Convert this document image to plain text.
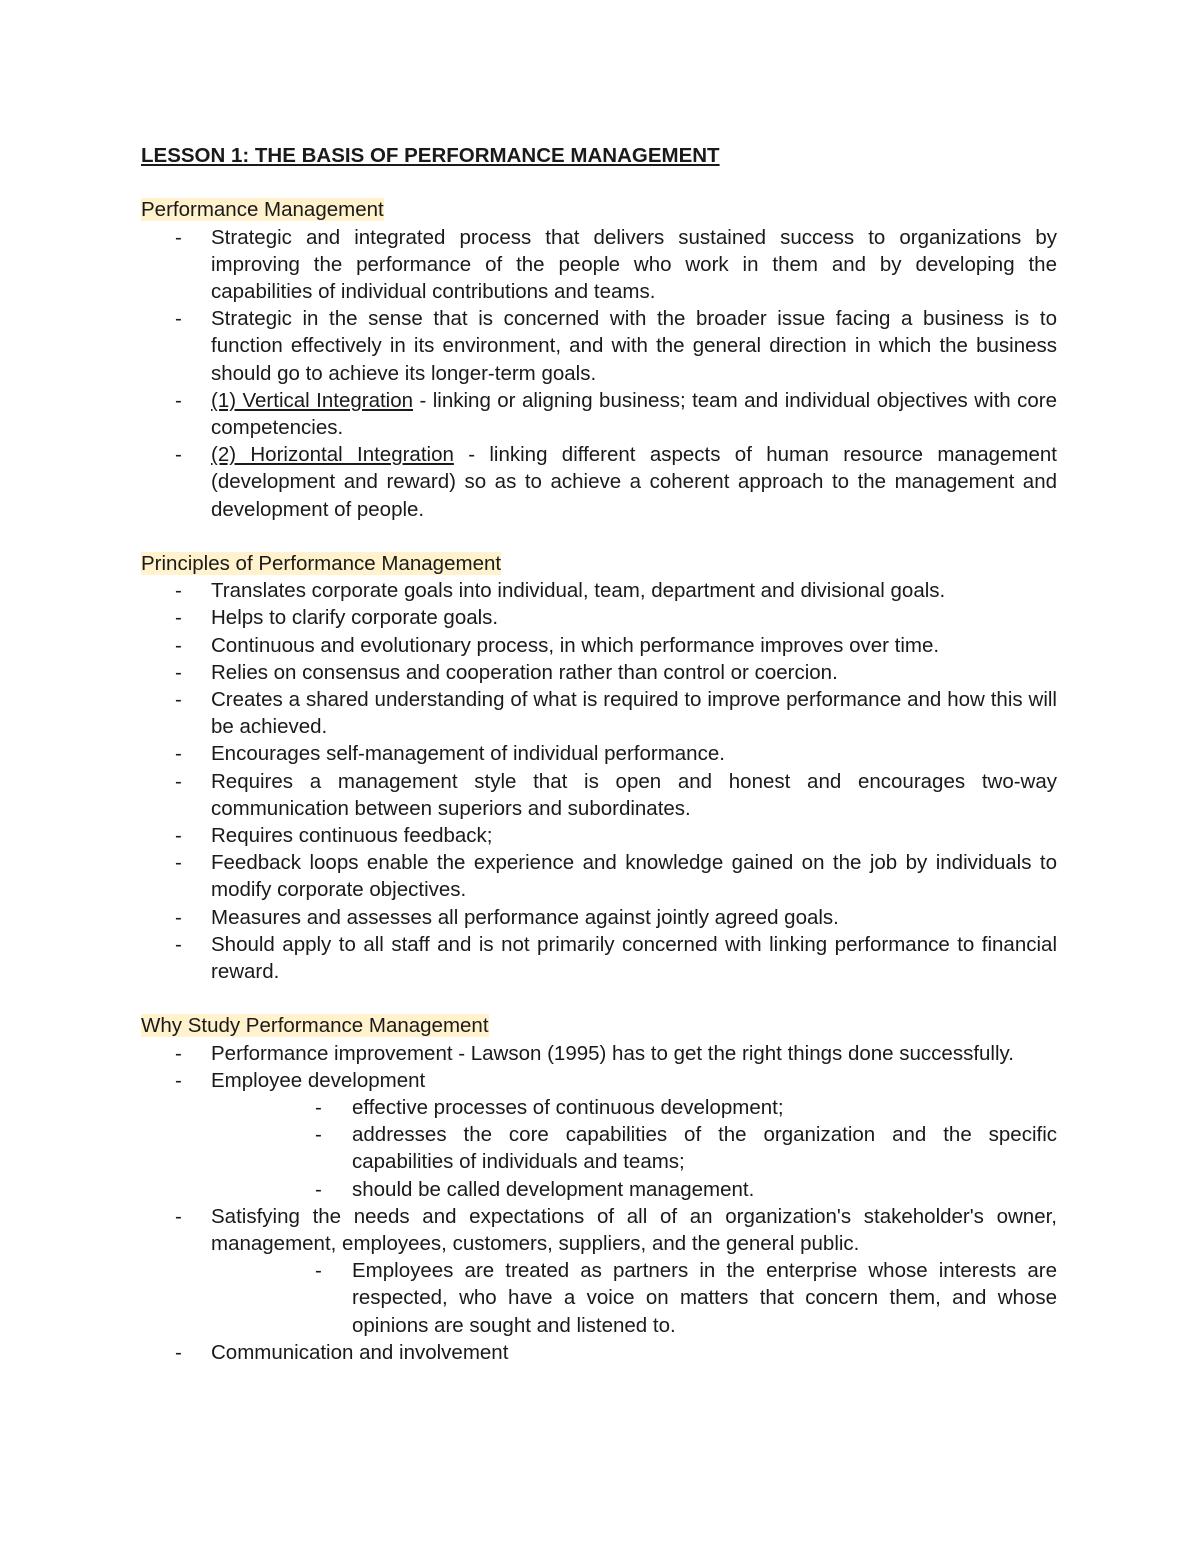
LESSON 1: THE BASIS OF PERFORMANCE MANAGEMENT
Performance Management
- Strategic and integrated process that delivers sustained success to organizations by improving the performance of the people who work in them and by developing the capabilities of individual contributions and teams.
- Strategic in the sense that is concerned with the broader issue facing a business is to function effectively in its environment, and with the general direction in which the business should go to achieve its longer-term goals.
- (1) Vertical Integration - linking or aligning business; team and individual objectives with core competencies.
- (2) Horizontal Integration - linking different aspects of human resource management (development and reward) so as to achieve a coherent approach to the management and development of people.
Principles of Performance Management
- Translates corporate goals into individual, team, department and divisional goals.
- Helps to clarify corporate goals.
- Continuous and evolutionary process, in which performance improves over time.
- Relies on consensus and cooperation rather than control or coercion.
- Creates a shared understanding of what is required to improve performance and how this will be achieved.
- Encourages self-management of individual performance.
- Requires a management style that is open and honest and encourages two-way communication between superiors and subordinates.
- Requires continuous feedback;
- Feedback loops enable the experience and knowledge gained on the job by individuals to modify corporate objectives.
- Measures and assesses all performance against jointly agreed goals.
- Should apply to all staff and is not primarily concerned with linking performance to financial reward.
Why Study Performance Management
- Performance improvement - Lawson (1995) has to get the right things done successfully.
- Employee development
- effective processes of continuous development;
- addresses the core capabilities of the organization and the specific capabilities of individuals and teams;
- should be called development management.
- Satisfying the needs and expectations of all of an organization's stakeholder's owner, management, employees, customers, suppliers, and the general public.
- Employees are treated as partners in the enterprise whose interests are respected, who have a voice on matters that concern them, and whose opinions are sought and listened to.
- Communication and involvement
